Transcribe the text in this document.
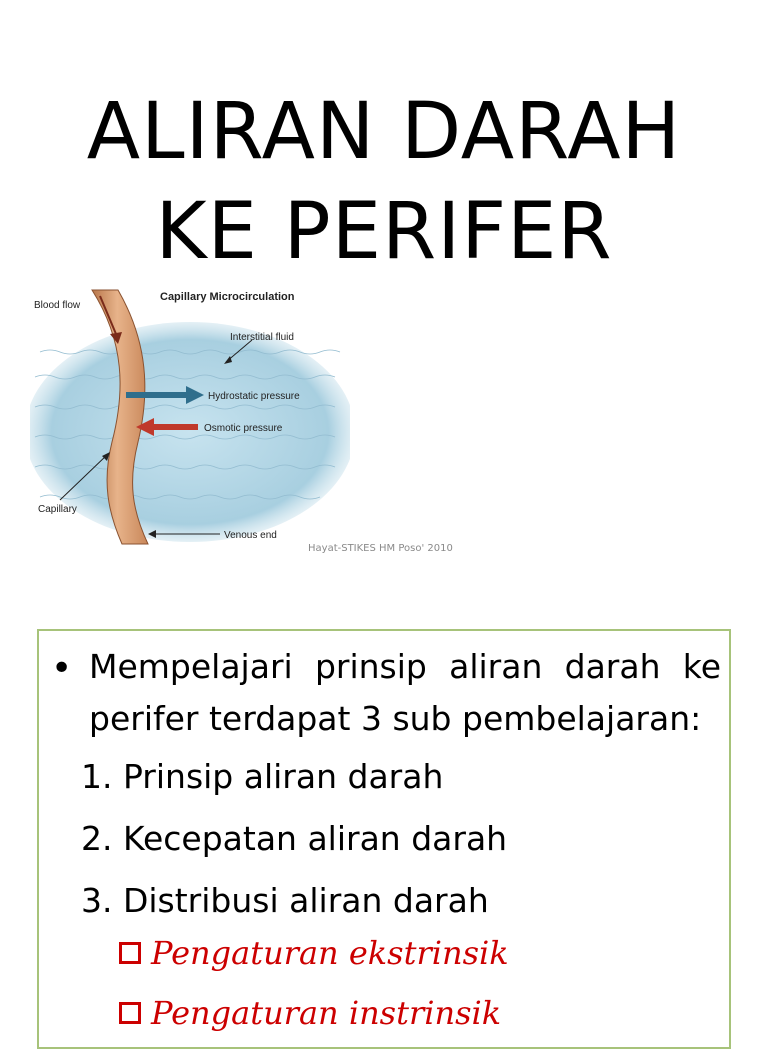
ALIRAN DARAH
KE PERIFER
Capillary Microcirculation
Blood flow
Interstitial fluid
Hydrostatic pressure
Osmotic pressure
Capillary
Venous end
Hayat-STIKES HM Poso' 2010
• Mempelajari prinsip aliran darah ke perifer terdapat 3 sub pembelajaran:
1. Prinsip aliran darah
2. Kecepatan aliran darah
3. Distribusi aliran darah
Pengaturan ekstrinsik
Pengaturan instrinsik
